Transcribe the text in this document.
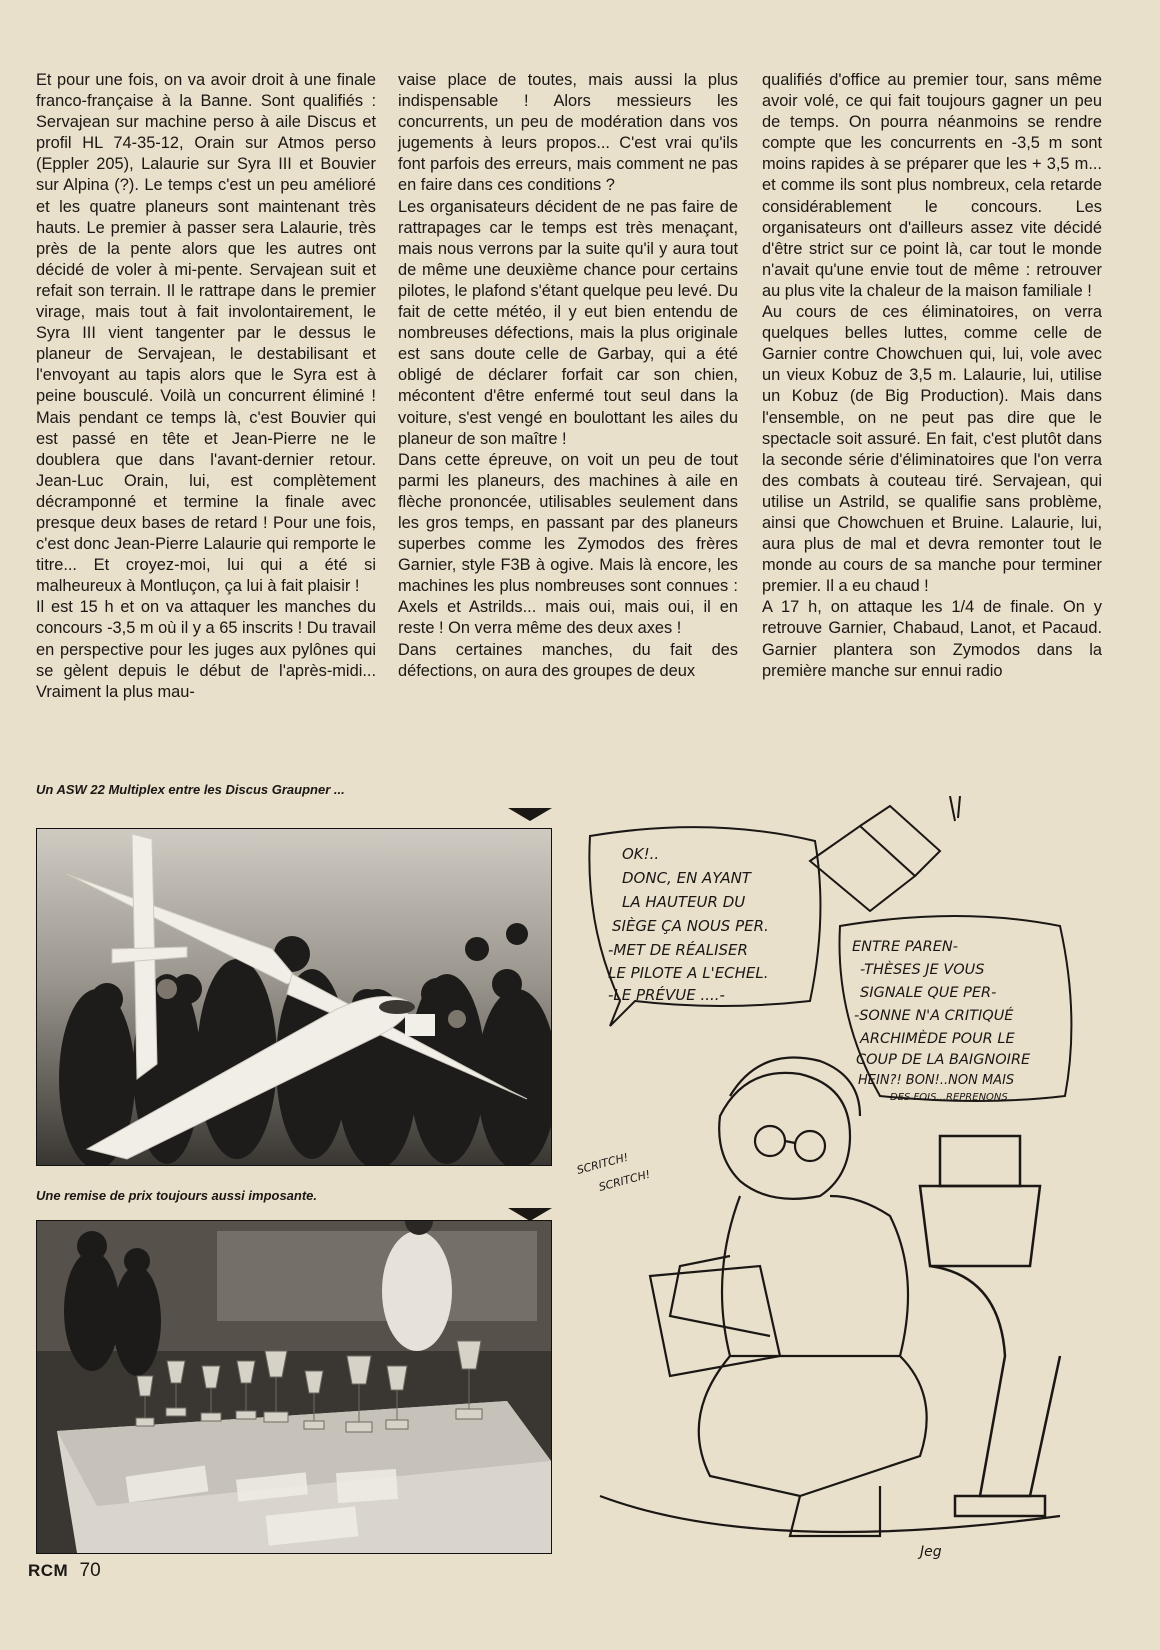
Et pour une fois, on va avoir droit à une finale franco-française à la Banne. Sont qualifiés : Servajean sur machine perso à aile Discus et profil HL 74-35-12, Orain sur Atmos perso (Eppler 205), Lalaurie sur Syra III et Bouvier sur Alpina (?). Le temps c'est un peu amélioré et les quatre planeurs sont maintenant très hauts. Le premier à passer sera Lalaurie, très près de la pente alors que les autres ont décidé de voler à mi-pente. Servajean suit et refait son terrain. Il le rattrape dans le premier virage, mais tout à fait involontairement, le Syra III vient tangenter par le dessus le planeur de Servajean, le destabilisant et l'envoyant au tapis alors que le Syra est à peine bousculé. Voilà un concurrent éliminé ! Mais pendant ce temps là, c'est Bouvier qui est passé en tête et Jean-Pierre ne le doublera que dans l'avant-dernier retour. Jean-Luc Orain, lui, est complètement décramponné et termine la finale avec presque deux bases de retard ! Pour une fois, c'est donc Jean-Pierre Lalaurie qui remporte le titre... Et croyez-moi, lui qui a été si malheureux à Montluçon, ça lui à fait plaisir !

Il est 15 h et on va attaquer les manches du concours -3,5 m où il y a 65 inscrits ! Du travail en perspective pour les juges aux pylônes qui se gèlent depuis le début de l'après-midi... Vraiment la plus mau-

vaise place de toutes, mais aussi la plus indispensable ! Alors messieurs les concurrents, un peu de modération dans vos jugements à leurs propos... C'est vrai qu'ils font parfois des erreurs, mais comment ne pas en faire dans ces conditions ?

Les organisateurs décident de ne pas faire de rattrapages car le temps est très menaçant, mais nous verrons par la suite qu'il y aura tout de même une deuxième chance pour certains pilotes, le plafond s'étant quelque peu levé. Du fait de cette météo, il y eut bien entendu de nombreuses défections, mais la plus originale est sans doute celle de Garbay, qui a été obligé de déclarer forfait car son chien, mécontent d'être enfermé tout seul dans la voiture, s'est vengé en boulottant les ailes du planeur de son maître !

Dans cette épreuve, on voit un peu de tout parmi les planeurs, des machines à aile en flèche prononcée, utilisables seulement dans les gros temps, en passant par des planeurs superbes comme les Zymodos des frères Garnier, style F3B à ogive. Mais là encore, les machines les plus nombreuses sont connues : Axels et Astrilds... mais oui, mais oui, il en reste ! On verra même des deux axes !

Dans certaines manches, du fait des défections, on aura des groupes de deux

qualifiés d'office au premier tour, sans même avoir volé, ce qui fait toujours gagner un peu de temps. On pourra néanmoins se rendre compte que les concurrents en -3,5 m sont moins rapides à se préparer que les + 3,5 m... et comme ils sont plus nombreux, cela retarde considérablement le concours. Les organisateurs ont d'ailleurs assez vite décidé d'être strict sur ce point là, car tout le monde n'avait qu'une envie tout de même : retrouver au plus vite la chaleur de la maison familiale !

Au cours de ces éliminatoires, on verra quelques belles luttes, comme celle de Garnier contre Chowchuen qui, lui, vole avec un vieux Kobuz de 3,5 m. Lalaurie, lui, utilise un Kobuz (de Big Production). Mais dans l'ensemble, on ne peut pas dire que le spectacle soit assuré. En fait, c'est plutôt dans la seconde série d'éliminatoires que l'on verra des combats à couteau tiré. Servajean, qui utilise un Astrild, se qualifie sans problème, ainsi que Chowchuen et Bruine. Lalaurie, lui, aura plus de mal et devra remonter tout le monde au cours de sa manche pour terminer premier. Il a eu chaud !

A 17 h, on attaque les 1/4 de finale. On y retrouve Garnier, Chabaud, Lanot, et Pacaud. Garnier plantera son Zymodos dans la première manche sur ennui radio

Un ASW 22 Multiplex entre les Discus Graupner ...
Une remise de prix toujours aussi imposante.
OK!..
DONC, EN AYANT
LA HAUTEUR DU
SIÈGE ÇA NOUS PER.
-MET DE RÉALISER
LE PILOTE A L'ECHEL.
-LE PRÉVUE ....-
ENTRE PAREN-
-THÈSES JE VOUS
SIGNALE QUE PER-
-SONNE N'A CRITIQUÉ
ARCHIMÈDE POUR LE
COUP DE LA BAIGNOIRE
HEIN?! BON!..NON MAIS
DES FOIS...REPRENONS
SCRITCH!
SCRITCH!
Jeg
RCM 70
